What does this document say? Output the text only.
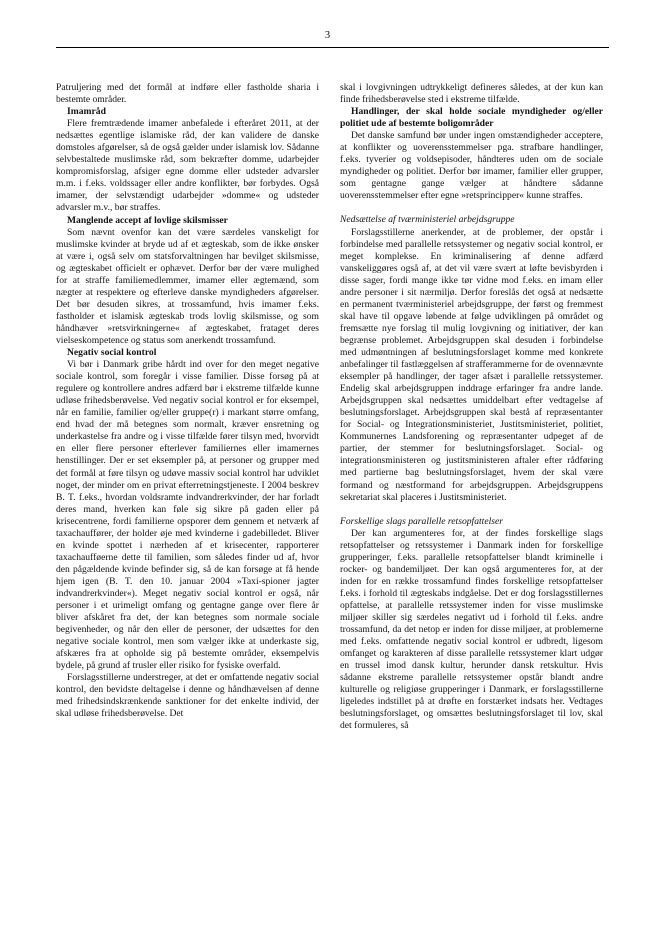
3

Patruljering med det formål at indføre eller fastholde sharia i bestemte områder.

Imamråd

Flere fremtrædende imamer anbefalede i efteråret 2011, at der nedsættes egentlige islamiske råd, der kan validere de danske domstoles afgørelser, så de også gælder under islamisk lov. Sådanne selvbestaltede muslimske råd, som bekræfter domme, udarbejder kompromisforslag, afsiger egne domme eller udsteder advarsler m.m. i f.eks. voldssager eller andre konflikter, bør forbydes. Også imamer, der selvstændigt udarbejder »domme« og udsteder advarsler m.v., bør straffes.

Manglende accept af lovlige skilsmisser

Som nævnt ovenfor kan det være særdeles vanskeligt for muslimske kvinder at bryde ud af et ægteskab, som de ikke ønsker at være i, også selv om statsforvaltningen har bevilget skilsmisse, og ægteskabet officielt er ophævet. Derfor bør der være mulighed for at straffe familiemedlemmer, imamer eller ægtemænd, som nægter at respektere og efterleve danske myndigheders afgørelser. Det bør desuden sikres, at trossamfund, hvis imamer f.eks. fastholder et islamisk ægteskab trods lovlig skilsmisse, og som håndhæver »retsvirkningerne« af ægteskabet, frataget deres vielseskompetence og status som anerkendt trossamfund.

Negativ social kontrol

Vi bør i Danmark gribe hårdt ind over for den meget negative sociale kontrol, som foregår i visse familier. Disse forsøg på at regulere og kontrollere andres adfærd bør i ekstreme tilfælde kunne udløse frihedsberøvelse. Ved negativ social kontrol er for eksempel, når en familie, familier og/eller gruppe(r) i markant større omfang, end hvad der må betegnes som normalt, kræver ensretning og underkastelse fra andre og i visse tilfælde fører tilsyn med, hvorvidt en eller flere personer efterlever familiernes eller imamernes henstillinger. Der er set eksempler på, at personer og grupper med det formål at føre tilsyn og udøve massiv social kontrol har udviklet noget, der minder om en privat efterretningstjeneste. I 2004 beskrev B. T. f.eks., hvordan voldsramte indvandrerkvinder, der har forladt deres mand, hverken kan føle sig sikre på gaden eller på krisecentrene, fordi familierne opsporer dem gennem et netværk af taxachauffører, der holder øje med kvinderne i gadebilledet. Bliver en kvinde spottet i nærheden af et krisecenter, rapporterer taxachaufføerne dette til familien, som således finder ud af, hvor den pågældende kvinde befinder sig, så de kan forsøge at få hende hjem igen (B. T. den 10. januar 2004 »Taxi-spioner jagter indvandrerkvinder«). Meget negativ social kontrol er også, når personer i et urimeligt omfang og gentagne gange over flere år bliver afskåret fra det, der kan betegnes som normale sociale begivenheder, og når den eller de personer, der udsættes for den negative sociale kontrol, men som vælger ikke at underkaste sig, afskæres fra at opholde sig på bestemte områder, eksempelvis bydele, på grund af trusler eller risiko for fysiske overfald.

Forslagsstillerne understreger, at det er omfattende negativ social kontrol, den bevidste deltagelse i denne og håndhævelsen af denne med frihedsindskrænkende sanktioner for det enkelte individ, der skal udløse frihedsberøvelse. Det

skal i lovgivningen udtrykkeligt defineres således, at der kun kan finde frihedsberøvelse sted i ekstreme tilfælde.

Handlinger, der skal holde sociale myndigheder og/eller politiet ude af bestemte boligområder

Det danske samfund bør under ingen omstændigheder acceptere, at konflikter og uoverensstemmelser pga. strafbare handlinger, f.eks. tyverier og voldsepisoder, håndteres uden om de sociale myndigheder og politiet. Derfor bør imamer, familier eller grupper, som gentagne gange vælger at håndtere sådanne uoverensstemmelser efter egne »retsprincipper« kunne straffes.

Nedsættelse af tværministeriel arbejdsgruppe

Forslagsstillerne anerkender, at de problemer, der opstår i forbindelse med parallelle retssystemer og negativ social kontrol, er meget komplekse. En kriminalisering af denne adfærd vanskeliggøres også af, at det vil være svært at løfte bevisbyrden i disse sager, fordi mange ikke tør vidne mod f.eks. en imam eller andre personer i sit nærmiljø. Derfor foreslås det også at nedsætte en permanent tværministeriel arbejdsgruppe, der først og fremmest skal have til opgave løbende at følge udviklingen på området og fremsætte nye forslag til mulig lovgivning og initiativer, der kan begrænse problemet. Arbejdsgruppen skal desuden i forbindelse med udmøntningen af beslutningsforslaget komme med konkrete anbefalinger til fastlæggelsen af strafferammerne for de ovennævnte eksempler på handlinger, der tager afsæt i parallelle retssystemer. Endelig skal arbejdsgruppen inddrage erfaringer fra andre lande. Arbejdsgruppen skal nedsættes umiddelbart efter vedtagelse af beslutningsforslaget. Arbejdsgruppen skal bestå af repræsentanter for Social- og Integrationsministeriet, Justitsministeriet, politiet, Kommunernes Landsforening og repræsentanter udpeget af de partier, der stemmer for beslutningsforslaget. Social- og integrationsministeren og justitsministeren aftaler efter rådføring med partierne bag beslutningsforslaget, hvem der skal være formand og næstformand for arbejdsgruppen. Arbejdsgruppens sekretariat skal placeres i Justitsministeriet.

Forskellige slags parallelle retsopfattelser

Der kan argumenteres for, at der findes forskellige slags retsopfattelser og retssystemer i Danmark inden for forskellige grupperinger, f.eks. parallelle retsopfattelser blandt kriminelle i rocker- og bandemiljøet. Der kan også argumenteres for, at der inden for en række trossamfund findes forskellige retsopfattelser f.eks. i forhold til ægteskabs indgåelse. Det er dog forslagsstillernes opfattelse, at parallelle retssystemer inden for visse muslimske miljøer skiller sig særdeles negativt ud i forhold til f.eks. andre trossamfund, da det netop er inden for disse miljøer, at problemerne med f.eks. omfattende negativ social kontrol er udbredt, ligesom omfanget og karakteren af disse parallelle retssystemer klart udgør en trussel imod dansk kultur, herunder dansk retskultur. Hvis sådanne ekstreme parallelle retssystemer opstår blandt andre kulturelle og religiøse grupperinger i Danmark, er forslagsstillerne ligeledes indstillet på at drøfte en forstærket indsats her. Vedtages beslutningsforslaget, og omsættes beslutningsforslaget til lov, skal det formuleres, så
